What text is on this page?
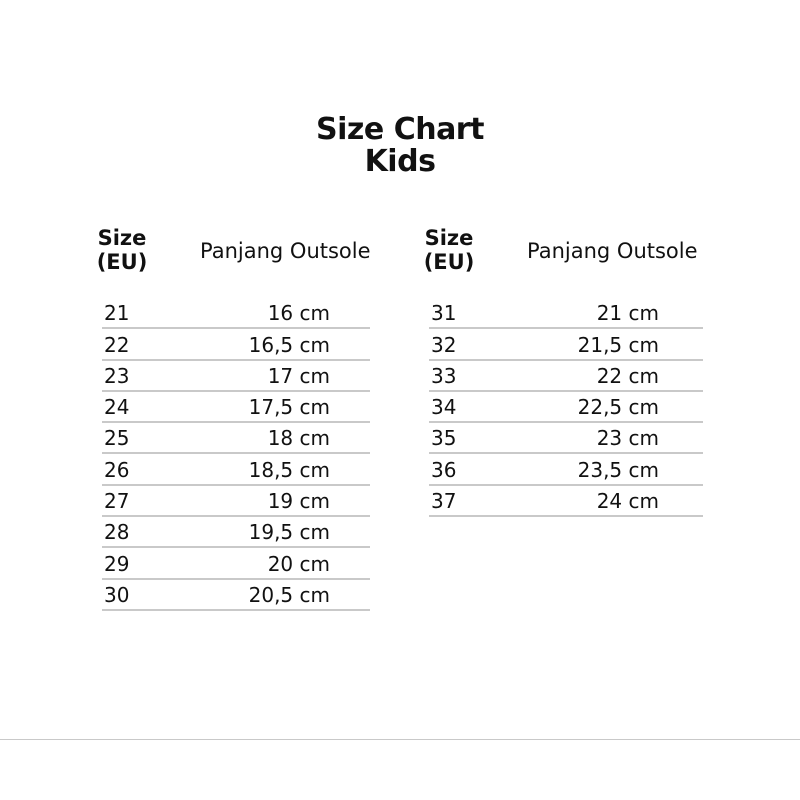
Size Chart
Kids
Size
(EU)	Panjang Outsole
21	16 cm
22	16,5 cm
23	17 cm
24	17,5 cm
25	18 cm
26	18,5 cm
27	19 cm
28	19,5 cm
29	20 cm
30	20,5 cm
Size
(EU)	Panjang Outsole
31	21 cm
32	21,5 cm
33	22 cm
34	22,5 cm
35	23 cm
36	23,5 cm
37	24 cm
